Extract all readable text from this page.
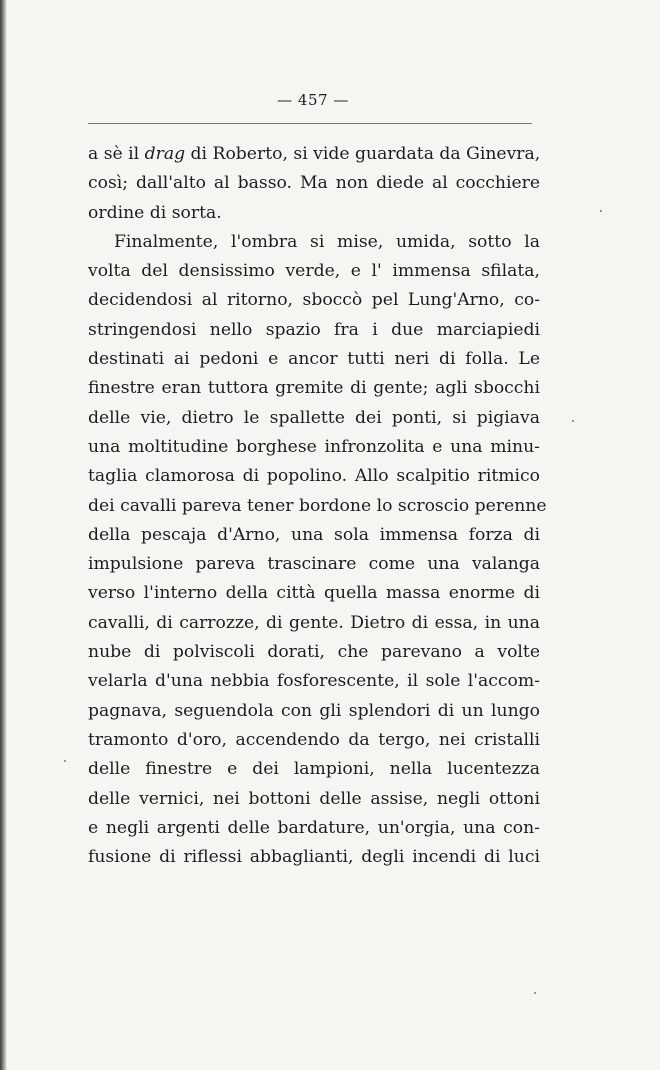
— 457 —
a sè il drag di Roberto, si vide guardata da Ginevra,
così; dall'alto al basso. Ma non diede al cocchiere
ordine di sorta.
Finalmente, l'ombra si mise, umida, sotto la
volta del densissimo verde, e l' immensa sfilata,
decidendosi al ritorno, sboccò pel Lung'Arno, co-
stringendosi nello spazio fra i due marciapiedi
destinati ai pedoni e ancor tutti neri di folla. Le
finestre eran tuttora gremite di gente; agli sbocchi
delle vie, dietro le spallette dei ponti, si pigiava
una moltitudine borghese infronzolita e una minu-
taglia clamorosa di popolino. Allo scalpitio ritmico
dei cavalli pareva tener bordone lo scroscio perenne
della pescaja d'Arno, una sola immensa forza di
impulsione pareva trascinare come una valanga
verso l'interno della città quella massa enorme di
cavalli, di carrozze, di gente. Dietro di essa, in una
nube di polviscoli dorati, che parevano a volte
velarla d'una nebbia fosforescente, il sole l'accom-
pagnava, seguendola con gli splendori di un lungo
tramonto d'oro, accendendo da tergo, nei cristalli
delle finestre e dei lampioni, nella lucentezza
delle vernici, nei bottoni delle assise, negli ottoni
e negli argenti delle bardature, un'orgia, una con-
fusione di riflessi abbaglianti, degli incendi di luci
